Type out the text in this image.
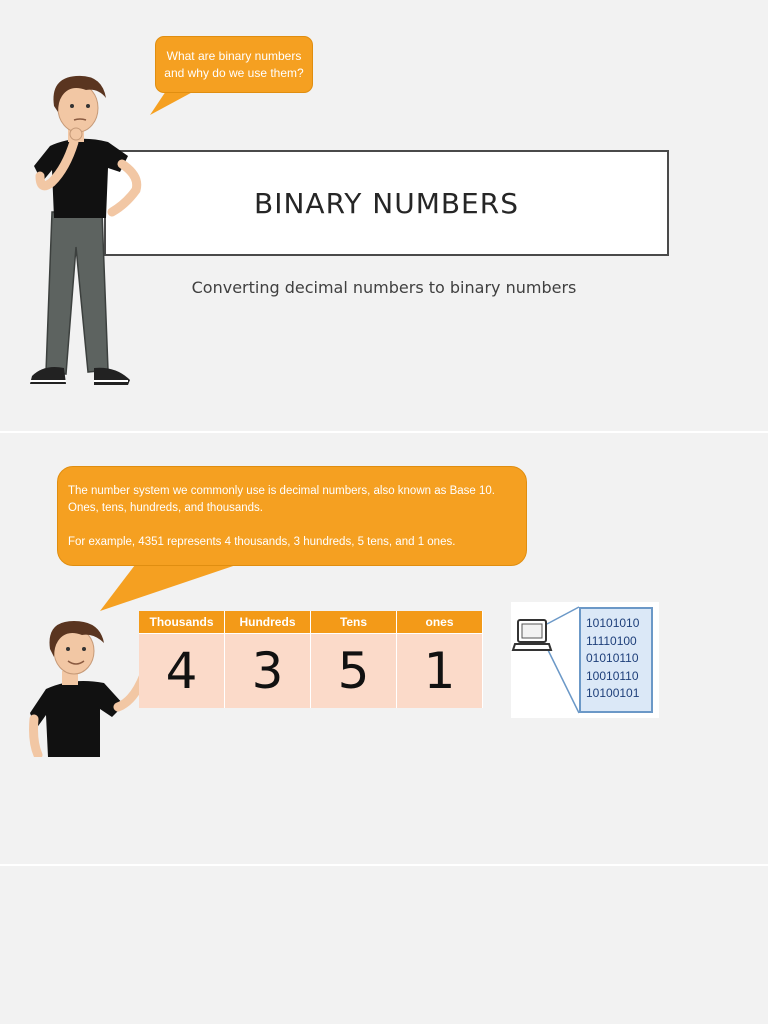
BINARY NUMBERS
What are binary numbers and why do we use them?
Converting decimal numbers to binary numbers

The number system we commonly use is decimal numbers, also known as Base 10. Ones, tens, hundreds, and thousands.

For example, 4351 represents 4 thousands, 3 hundreds, 5 tens, and 1 ones.

Thousands	Hundreds	Tens	ones
4	3	5	1
10101010
11110100
01010110
10010110
10100101
